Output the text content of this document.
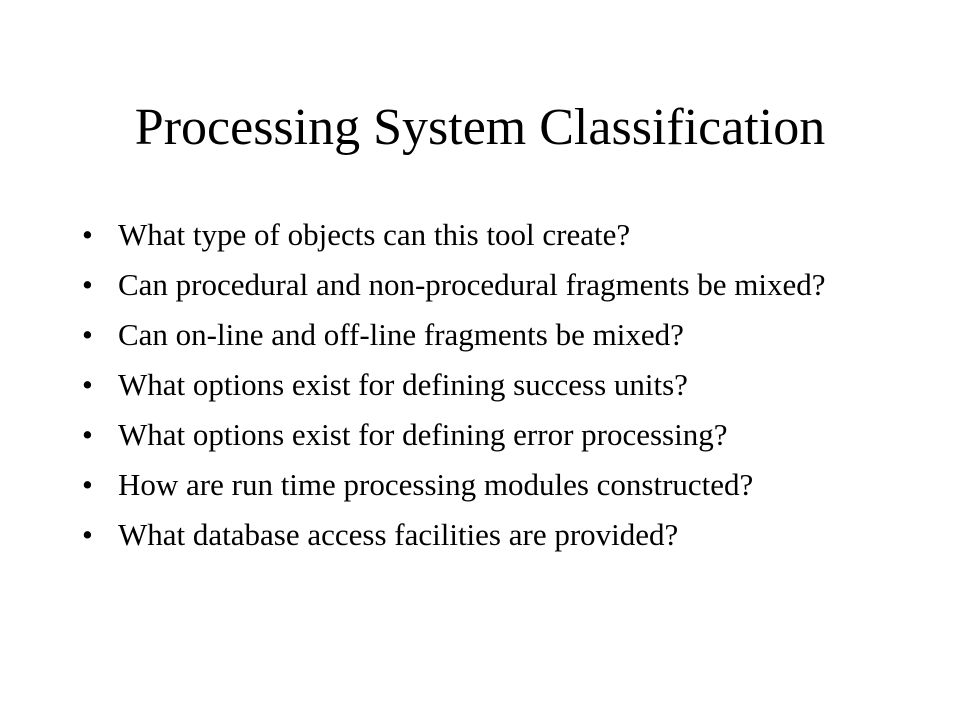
Processing System Classification
• What type of objects can this tool create?
• Can procedural and non-procedural fragments be mixed?
• Can on-line and off-line fragments be mixed?
• What options exist for defining success units?
• What options exist for defining error processing?
• How are run time processing modules constructed?
• What database access facilities are provided?
